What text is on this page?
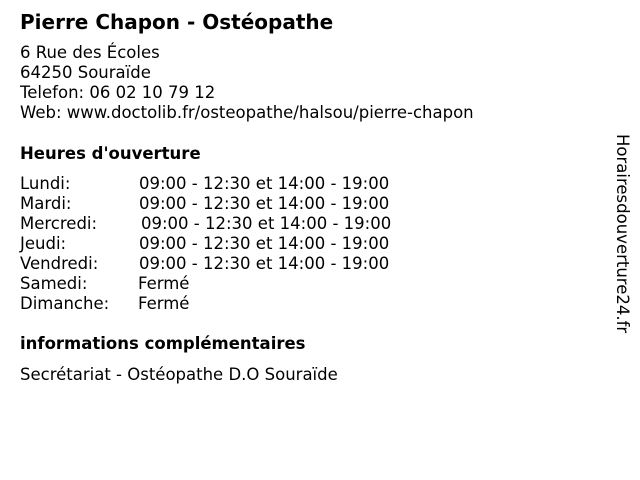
Pierre Chapon - Ostéopathe
6 Rue des Écoles
64250 Souraïde
Telefon: 06 02 10 79 12
Web: www.doctolib.fr/osteopathe/halsou/pierre-chapon
Heures d'ouverture
Lundi:	09:00 - 12:30 et 14:00 - 19:00
Mardi:	09:00 - 12:30 et 14:00 - 19:00
Mercredi:	09:00 - 12:30 et 14:00 - 19:00
Jeudi:	09:00 - 12:30 et 14:00 - 19:00
Vendredi: 09:00 - 12:30 et 14:00 - 19:00
Samedi:	Fermé
Dimanche: Fermé
informations complémentaires
Secrétariat - Ostéopathe D.O Souraïde
Horairesdouverture24.fr
